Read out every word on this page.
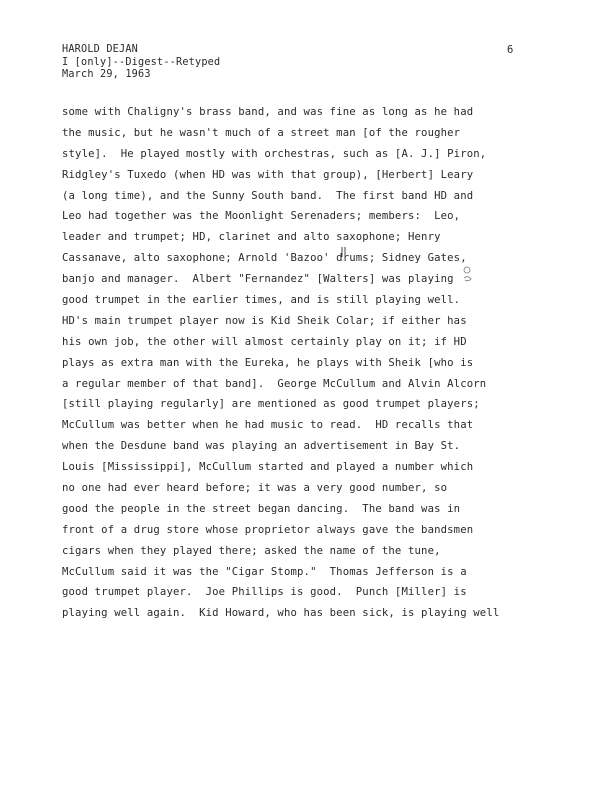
HAROLD DEJAN
I [only]--Digest--Retyped
March 29, 1963
6
some with Chaligny's brass band, and was fine as long as he had
the music, but he wasn't much of a street man [of the rougher
style].  He played mostly with orchestras, such as [A. J.] Piron,
Ridgley's Tuxedo (when HD was with that group), [Herbert] Leary
(a long time), and the Sunny South band.  The first band HD and
Leo had together was the Moonlight Serenaders; members:  Leo,
leader and trumpet; HD, clarinet and alto saxophone; Henry
Cassanave, alto saxophone; Arnold 'Bazoo' drums; Sidney Gates,
banjo and manager.  Albert "Fernandez" [Walters] was playing
good trumpet in the earlier times, and is still playing well.
HD's main trumpet player now is Kid Sheik Colar; if either has
his own job, the other will almost certainly play on it; if HD
plays as extra man with the Eureka, he plays with Sheik [who is
a regular member of that band].  George McCullum and Alvin Alcorn
[still playing regularly] are mentioned as good trumpet players;
McCullum was better when he had music to read.  HD recalls that
when the Desdune band was playing an advertisement in Bay St.
Louis [Mississippi], McCullum started and played a number which
no one had ever heard before; it was a very good number, so
good the people in the street began dancing.  The band was in
front of a drug store whose proprietor always gave the bandsmen
cigars when they played there; asked the name of the tune,
McCullum said it was the "Cigar Stomp."  Thomas Jefferson is a
good trumpet player.  Joe Phillips is good.  Punch [Miller] is
playing well again.  Kid Howard, who has been sick, is playing well
